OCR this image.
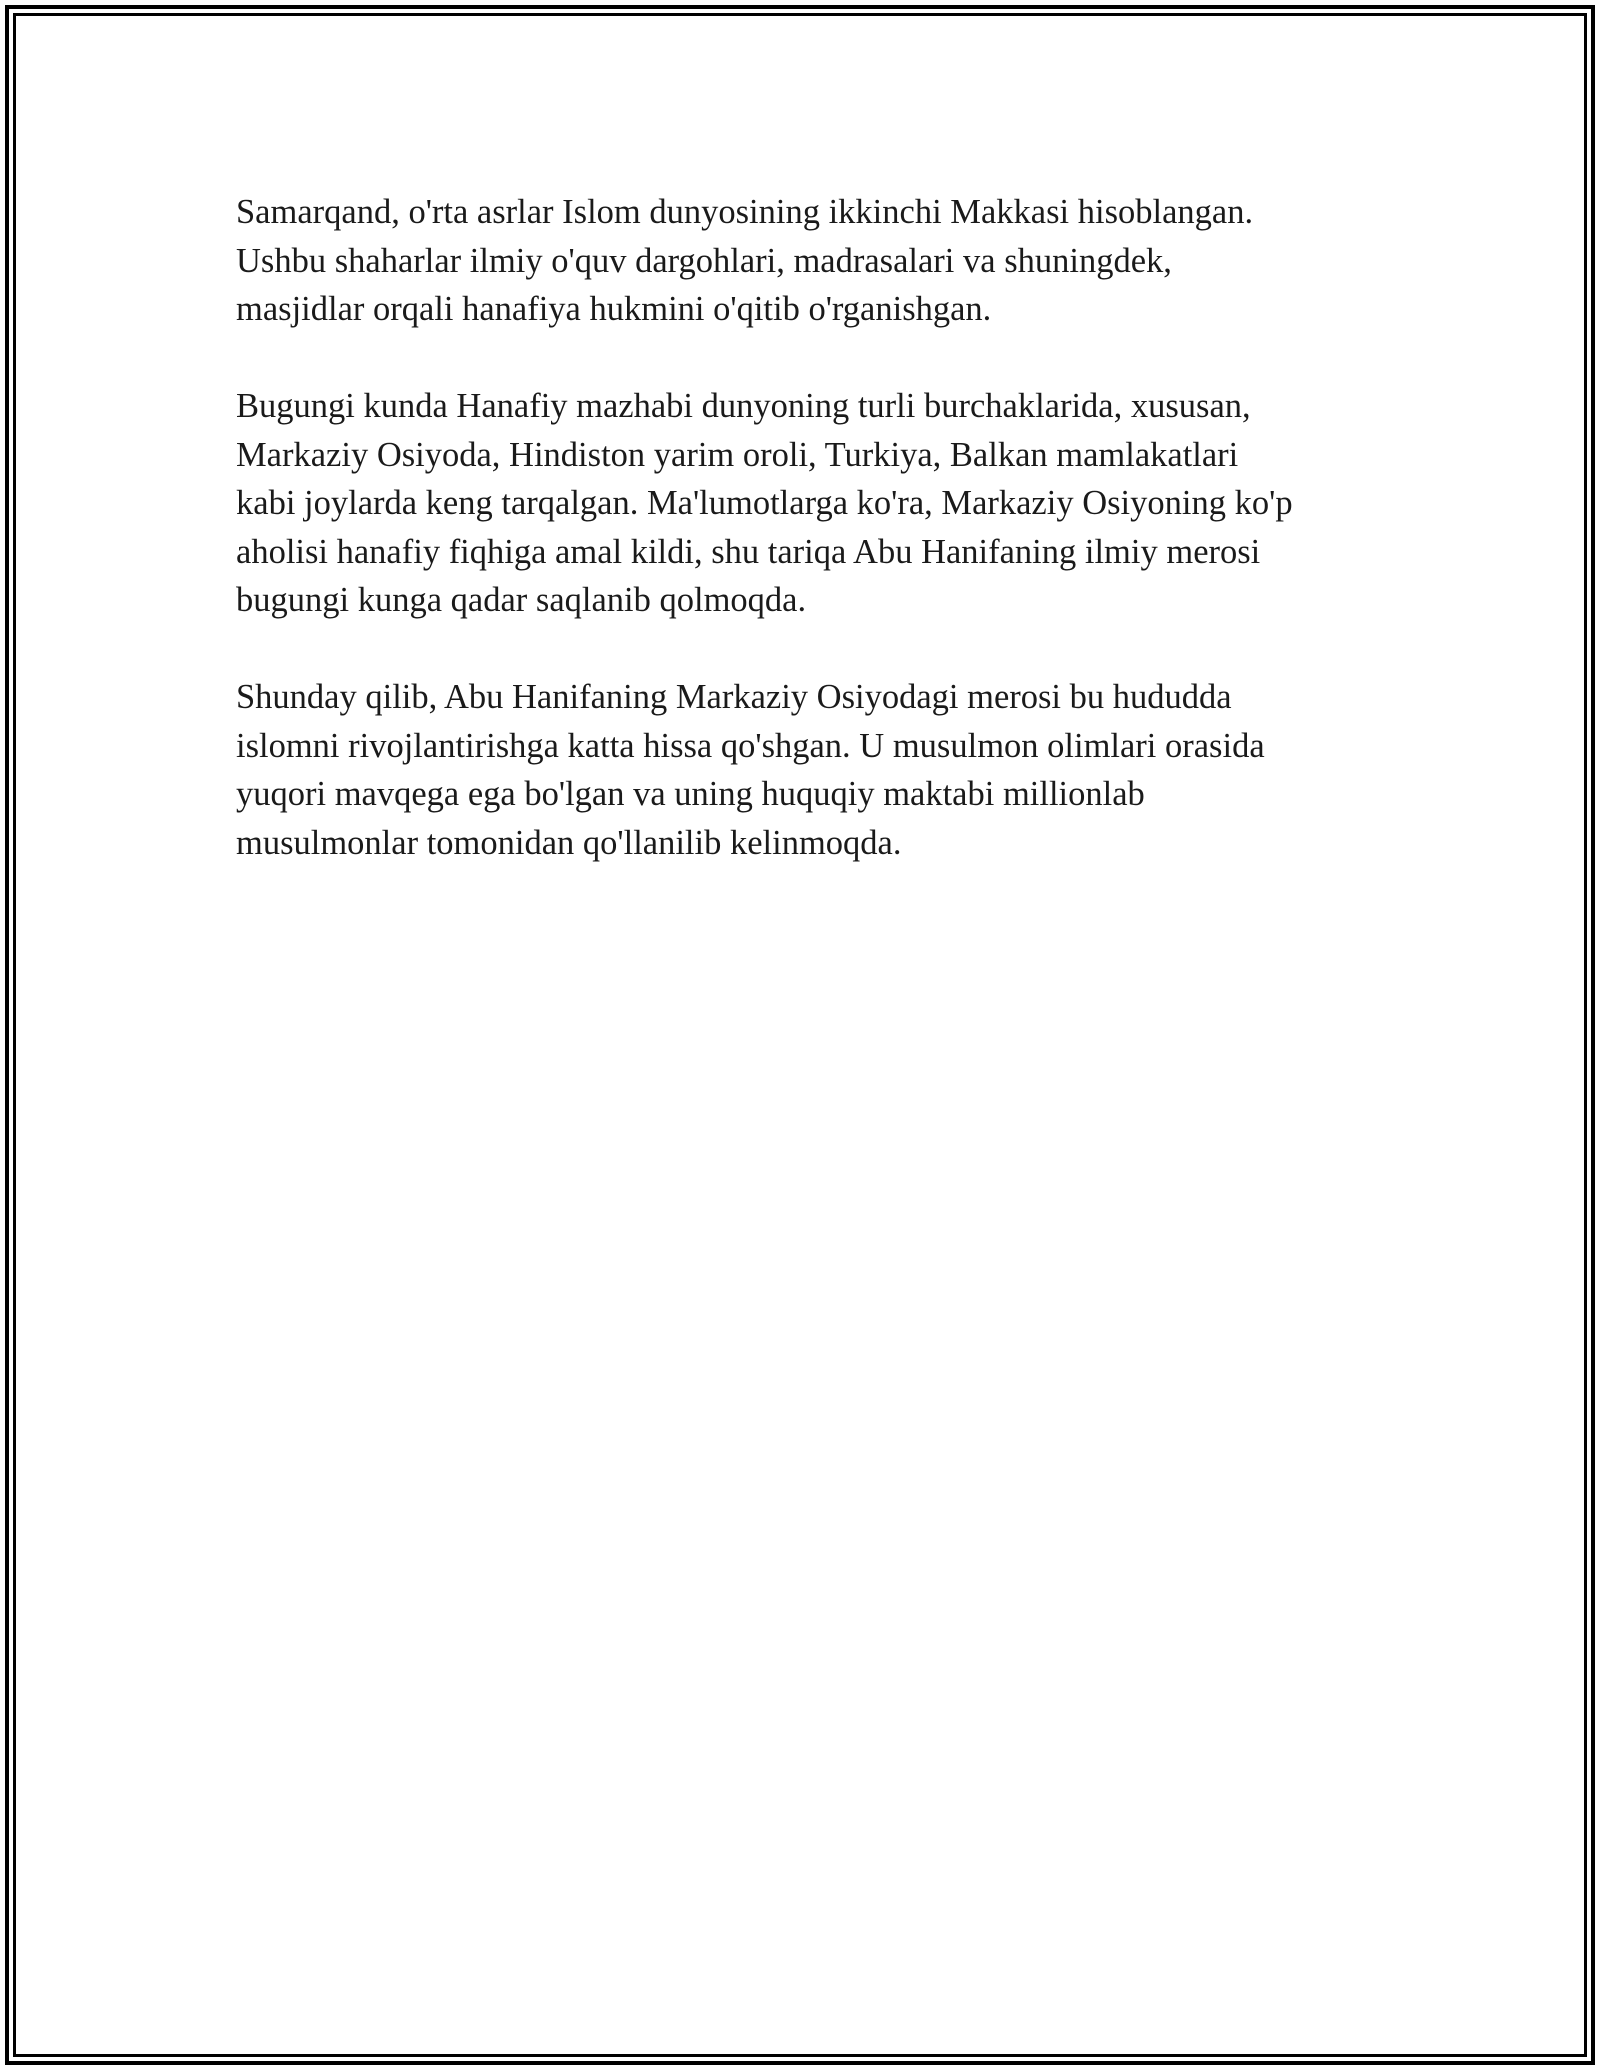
Samarqand, o'rta asrlar Islom dunyosining ikkinchi Makkasi hisoblangan.
Ushbu shaharlar ilmiy o'quv dargohlari, madrasalari va shuningdek,
masjidlar orqali hanafiya hukmini o'qitib o'rganishgan.

Bugungi kunda Hanafiy mazhabi dunyoning turli burchaklarida, xususan,
Markaziy Osiyoda, Hindiston yarim oroli, Turkiya, Balkan mamlakatlari
kabi joylarda keng tarqalgan. Ma'lumotlarga ko'ra, Markaziy Osiyoning ko'p
aholisi hanafiy fiqhiga amal kildi, shu tariqa Abu Hanifaning ilmiy merosi
bugungi kunga qadar saqlanib qolmoqda.

Shunday qilib, Abu Hanifaning Markaziy Osiyodagi merosi bu hududda
islomni rivojlantirishga katta hissa qo'shgan. U musulmon olimlari orasida
yuqori mavqega ega bo'lgan va uning huquqiy maktabi millionlab
musulmonlar tomonidan qo'llanilib kelinmoqda.
